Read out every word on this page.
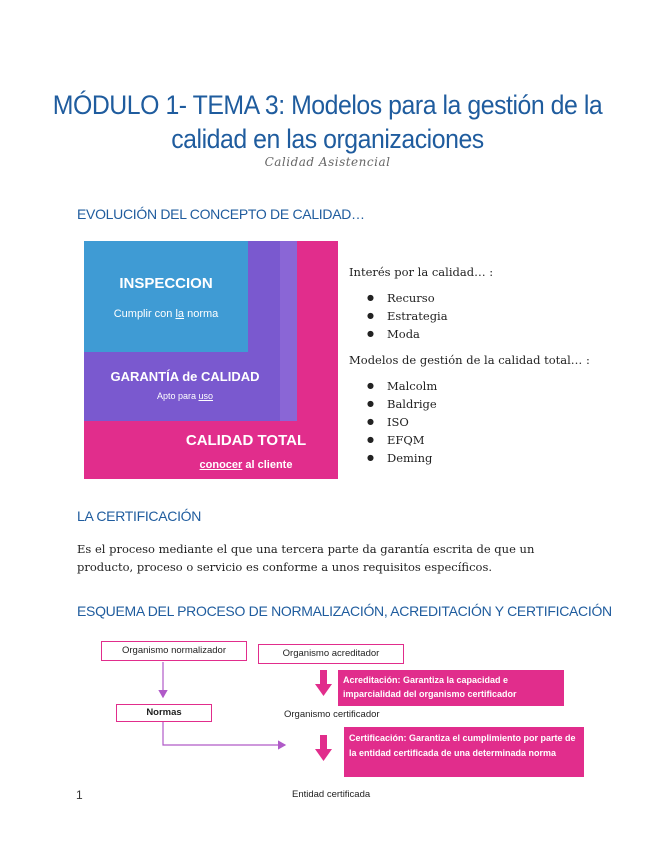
MÓDULO 1- TEMA 3: Modelos para la gestión de la
calidad en las organizaciones
Calidad Asistencial
EVOLUCIÓN DEL CONCEPTO DE CALIDAD…
INSPECCION
Cumplir con la norma
GARANTÍA de CALIDAD
Apto para uso
CALIDAD TOTAL
conocer al cliente

Interés por la calidad… :

● Recurso
● Estrategia
● Moda

Modelos de gestión de la calidad total… :

● Malcolm
● Baldrige
● ISO
● EFQM
● Deming
LA CERTIFICACIÓN
Es el proceso mediante el que una tercera parte da garantía escrita de que un producto, proceso o servicio es conforme a unos requisitos específicos.
ESQUEMA DEL PROCESO DE NORMALIZACIÓN, ACREDITACIÓN Y CERTIFICACIÓN
Organismo normalizador	Organismo acreditador
Normas
Acreditación: Garantiza la capacidad e imparcialidad del organismo certificador
Organismo certificador
Certificación: Garantiza el cumplimiento por parte de la entidad certificada de una determinada norma
Entidad certificada
1
